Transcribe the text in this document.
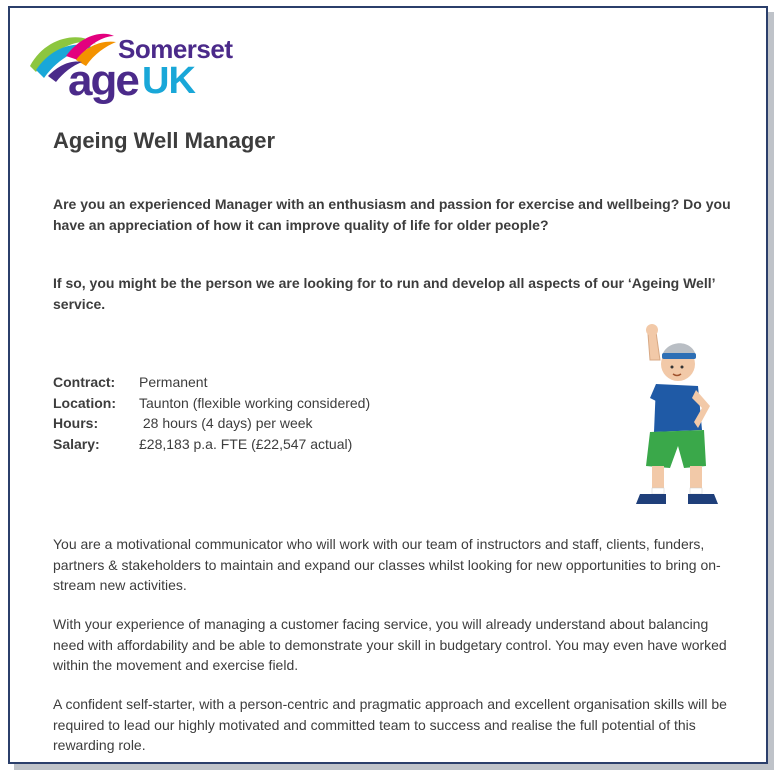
Somerset
age UK
Ageing Well Manager

Are you an experienced Manager with an enthusiasm and passion for exercise and wellbeing? Do you have an appreciation of how it can improve quality of life for older people?

If so, you might be the person we are looking for to run and develop all aspects of our ‘Ageing Well’ service.

Contract:	Permanent
Location:	Taunton (flexible working considered)
Hours:	28 hours (4 days) per week
Salary:	£28,183 p.a. FTE (£22,547 actual)

You are a motivational communicator who will work with our team of instructors and staff, clients, funders, partners & stakeholders to maintain and expand our classes whilst looking for new opportunities to bring on-stream new activities.

With your experience of managing a customer facing service, you will already understand about balancing need with affordability and be able to demonstrate your skill in budgetary control. You may even have worked within the movement and exercise field.

A confident self-starter, with a person-centric and pragmatic approach and excellent organisation skills will be required to lead our highly motivated and committed team to success and realise the full potential of this rewarding role.
